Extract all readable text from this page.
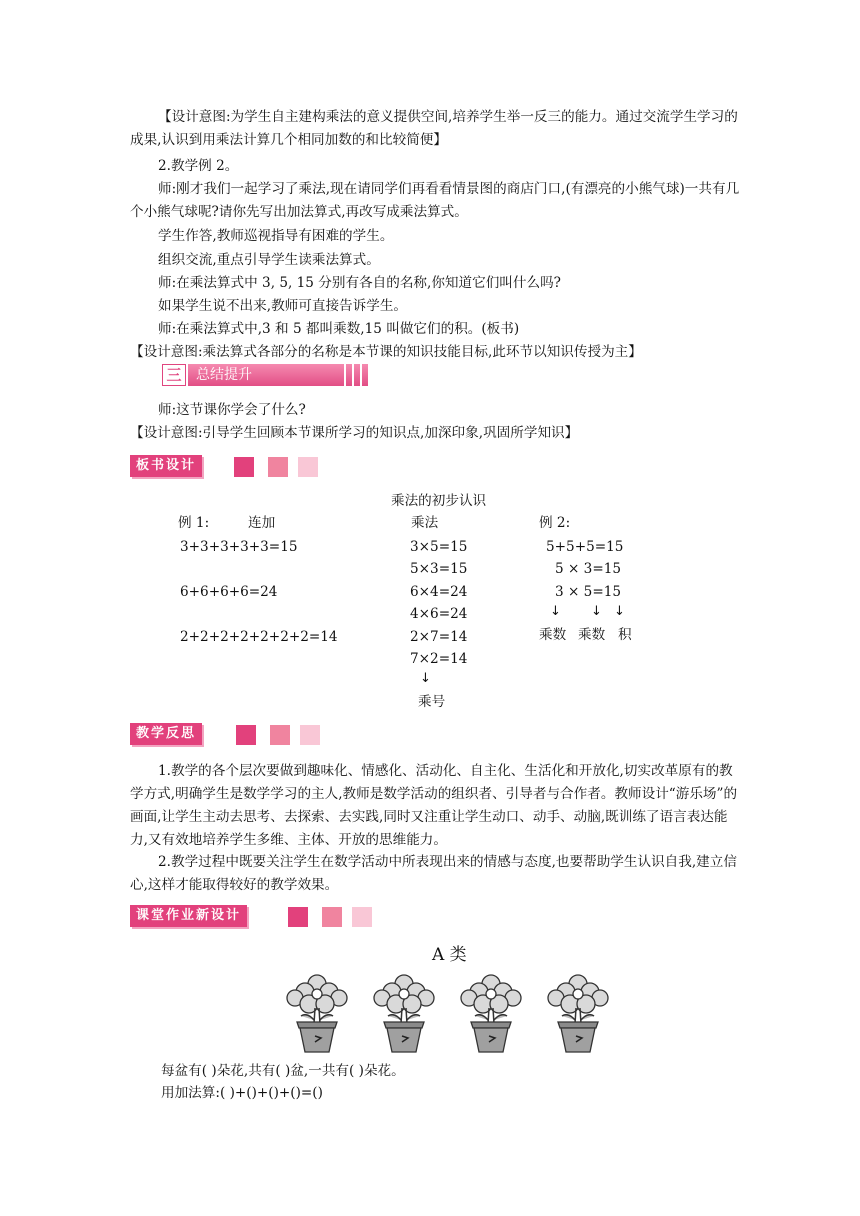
【设计意图:为学生自主建构乘法的意义提供空间,培养学生举一反三的能力。通过交流学生学习的成果,认识到用乘法计算几个相同加数的和比较简便】

2.教学例 2。

师:刚才我们一起学习了乘法,现在请同学们再看看情景图的商店门口,(有漂亮的小熊气球)一共有几个小熊气球呢?请你先写出加法算式,再改写成乘法算式。

学生作答,教师巡视指导有困难的学生。
组织交流,重点引导学生读乘法算式。
师:在乘法算式中 3, 5, 15 分别有各自的名称,你知道它们叫什么吗?
如果学生说不出来,教师可直接告诉学生。
师:在乘法算式中,3 和 5 都叫乘数,15 叫做它们的积。(板书)
【设计意图:乘法算式各部分的名称是本节课的知识技能目标,此环节以知识传授为主】
三	总结提升
师:这节课你学会了什么?
【设计意图:引导学生回顾本节课所学习的知识点,加深印象,巩固所学知识】
板书设计
乘法的初步认识
例 1:	连加
3+3+3+3+3=15
6+6+6+6=24
2+2+2+2+2+2+2=14
乘法
3×5=15
5×3=15
6×4=24
4×6=24
2×7=14
7×2=14
↓
乘号
例 2:
5+5+5=15
5 × 3=15
3 × 5=15
↓ ↓ ↓
乘数 乘数 积
教学反思

1.教学的各个层次要做到趣味化、情感化、活动化、自主化、生活化和开放化,切实改革原有的教学方式,明确学生是数学学习的主人,教师是数学活动的组织者、引导者与合作者。教师设计“游乐场”的画面,让学生主动去思考、去探索、去实践,同时又注重让学生动口、动手、动脑,既训练了语言表达能力,又有效地培养学生多维、主体、开放的思维能力。

2.教学过程中既要关注学生在数学活动中所表现出来的情感与态度,也要帮助学生认识自我,建立信心,这样才能取得较好的教学效果。

课堂作业新设计
A 类
每盆有( )朵花,共有( )盆,一共有( )朵花。
用加法算:( )+()+()+()=()
